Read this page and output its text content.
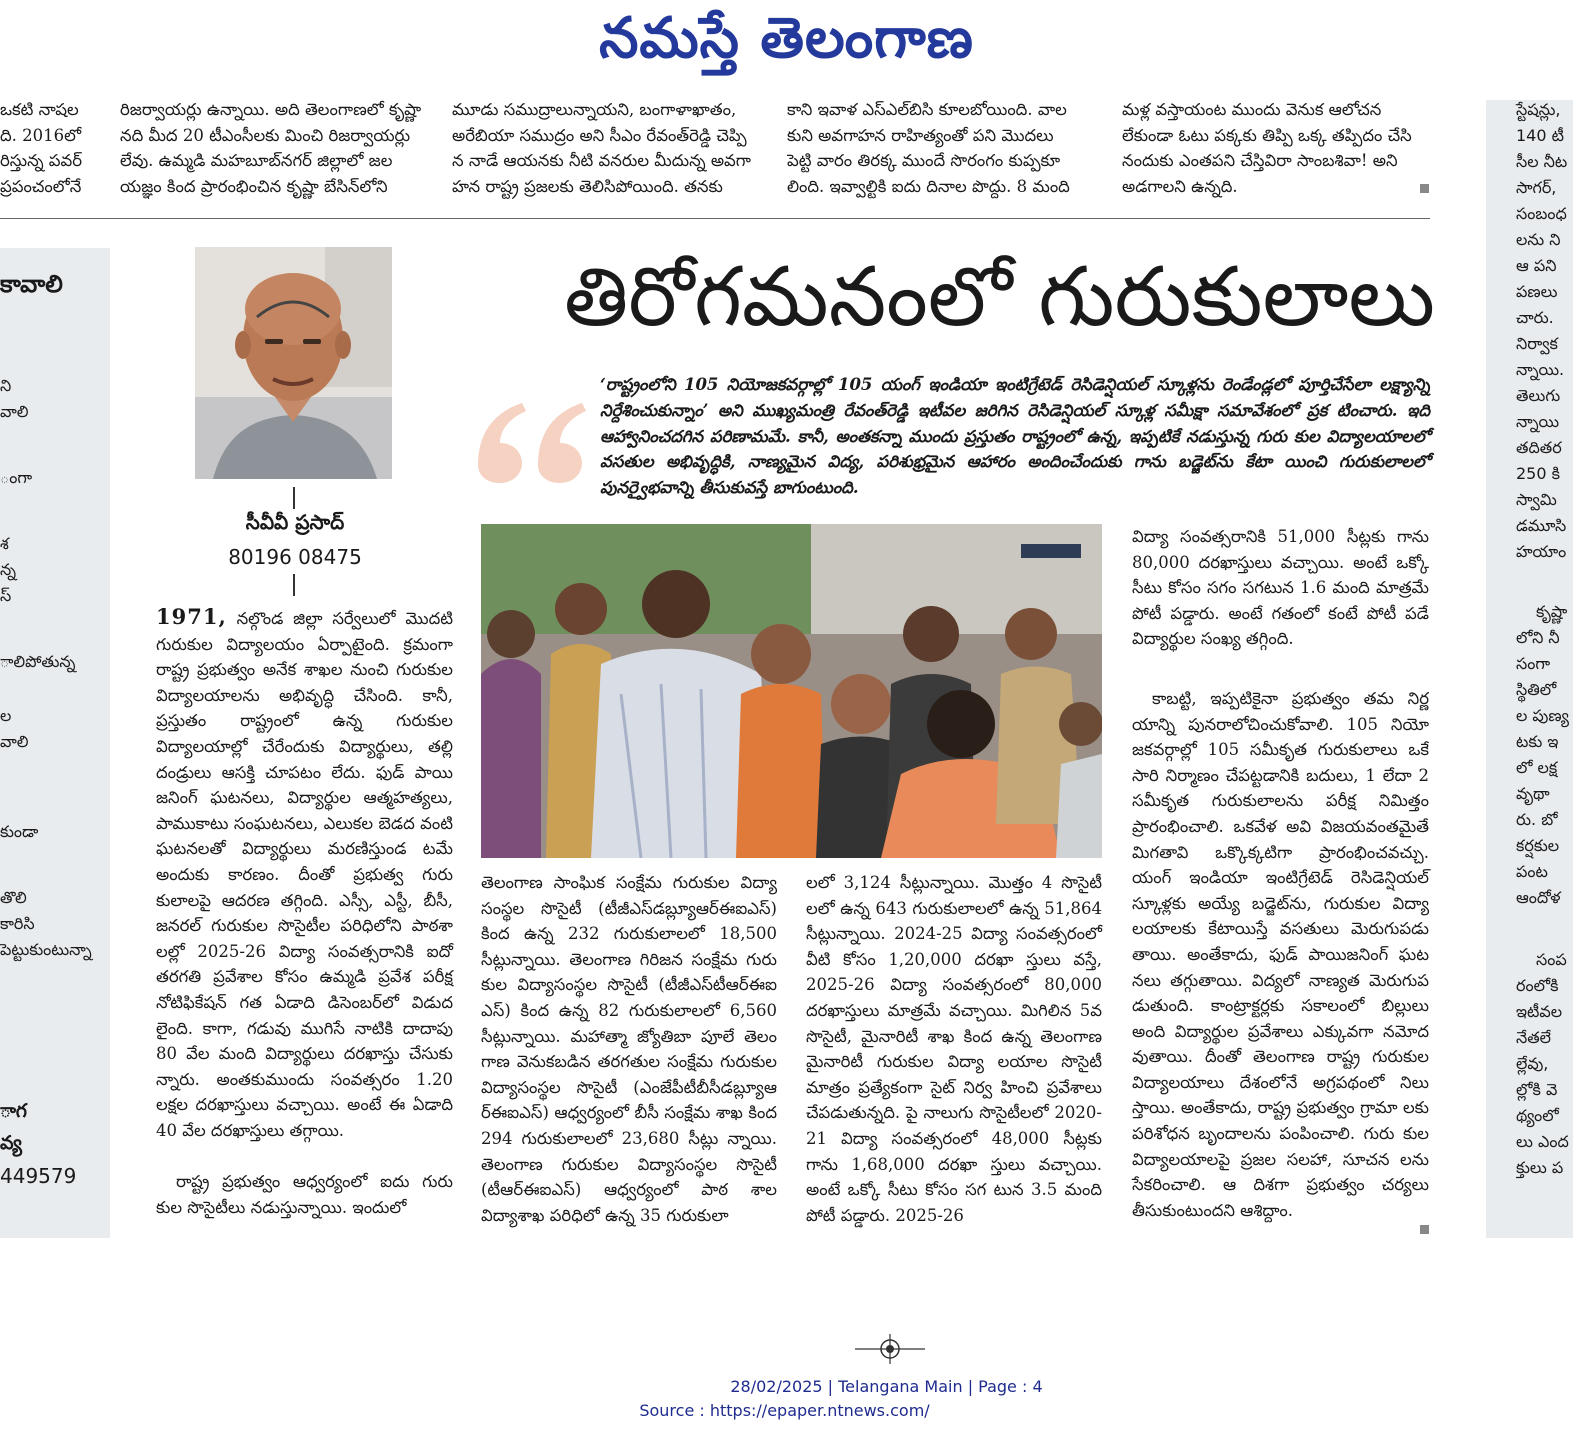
నమస్తే తెలంగాణ

ఒకటి నాషల

ది. 2016లో

రిస్తున్న పవర్

ప్రపంచంలోనే

రిజర్వాయర్లు ఉన్నాయి. అది తెలంగాణలో కృష్ణా

నది మీద 20 టీఎంసీలకు మించి రిజర్వాయర్లు

లేవు. ఉమ్మడి మహబూబ్‌నగర్ జిల్లాలో జల

యజ్ఞం కింద ప్రారంభించిన కృష్ణా బేసిన్‌లోని

మూడు సముద్రాలున్నాయని, బంగాళాఖాతం,

అరేబియా సముద్రం అని సీఎం రేవంత్‌రెడ్డి చెప్పి

న నాడే ఆయనకు నీటి వనరుల మీదున్న అవగా

హన రాష్ట్ర ప్రజలకు తెలిసిపోయింది. తనకు

కాని ఇవాళ ఎస్ఎల్‌బిసి కూలబోయింది. వాల

కుని అవగాహన రాహిత్యంతో పని మొదలు

పెట్టి వారం తిరక్క ముందే సొరంగం కుప్పకూ

లింది. ఇవ్వాల్టికి ఐదు దినాల పొద్దు. 8 మంది

మళ్ల వస్తాయంట ముందు వెనుక ఆలోచన

లేకుండా ఓటు పక్కకు తిప్పి ఒక్క తప్పిదం చేసి

నందుకు ఎంతపని చేస్తివిరా సాంబశివా! అని

అడగాలని ఉన్నది.

కావాలి
ని
వాలి
ంగా
శ
న్న
స్
ాలిపోతున్న
ల
వాలి
కుండా
తొలి
కారిసి
పెట్టుకుంటున్నా
ాగ
వ్య
449579
స్టేషన్లు,
140 టీ
సీల నీట
సాగర్,
సంబంధ
లను ని
ఆ పని
పణలు
చారు.
నిర్వాక
న్నాయి.
తెలుగు
న్నాయి
తదితర
250 కి
స్వామి
డమూసి
హయాం
కృష్ణా
లోని నీ
సంగా
స్థితిలో
ల పుణ్య
టకు ఇ
లో లక్ష
వృథా
రు. బో
కర్షకుల
పంట
ఆందోళ
సంప
రంలోకి
ఇటీవల
నేతలే
ల్లేవు,
ల్లోకి వె
థ్యంలో
లు ఎంద
క్తులు ప
సీవీవీ ప్రసాద్
80196 08475
తిరోగమనంలో గురుకులాలు
‘రాష్ట్రంలోని 105 నియోజకవర్గాల్లో 105 యంగ్ ఇండియా ఇంటిగ్రేటెడ్ రెసిడెన్షియల్ స్కూళ్లను రెండేండ్లలో పూర్తిచేసేలా లక్ష్యాన్ని నిర్దేశించుకున్నాం’ అని ముఖ్యమంత్రి రేవంత్‌రెడ్డి ఇటీవల జరిగిన రెసిడెన్షియల్ స్కూళ్ల సమీక్షా సమావేశంలో ప్రక టించారు. ఇది ఆహ్వానించదగిన పరిణామమే. కానీ, అంతకన్నా ముందు ప్రస్తుతం రాష్ట్రంలో ఉన్న, ఇప్పటికే నడుస్తున్న గురు కుల విద్యాలయాలలో వసతుల అభివృద్ధికి, నాణ్యమైన విద్య, పరిశుభ్రమైన ఆహారం అందించేందుకు గాను బడ్జెట్‌ను కేటా యించి గురుకులాలలో పునర్వైభవాన్ని తీసుకువస్తే బాగుంటుంది.

1971, నల్గొండ జిల్లా సర్వేలులో మొదటి గురుకుల విద్యాలయం ఏర్పాటైంది. క్రమంగా రాష్ట్ర ప్రభుత్వం అనేక శాఖల నుంచి గురుకుల విద్యాలయాలను అభివృద్ధి చేసింది. కానీ, ప్రస్తుతం రాష్ట్రంలో ఉన్న గురుకుల విద్యాలయాల్లో చేరేందుకు విద్యార్థులు, తల్లి దండ్రులు ఆసక్తి చూపటం లేదు. ఫుడ్ పాయి జనింగ్ ఘటనలు, విద్యార్థుల ఆత్మహత్యలు, పాముకాటు సంఘటనలు, ఎలుకల బెడద వంటి ఘటనలతో విద్యార్థులు మరణిస్తుండ టమే అందుకు కారణం. దీంతో ప్రభుత్వ గురు కులాలపై ఆదరణ తగ్గింది. ఎస్సీ, ఎస్టీ, బీసీ, జనరల్ గురుకుల సొసైటీల పరిధిలోని పాఠశా లల్లో 2025-26 విద్యా సంవత్సరానికి ఐదో తరగతి ప్రవేశాల కోసం ఉమ్మడి ప్రవేశ పరీక్ష నోటిఫికేషన్ గత ఏడాది డిసెంబర్‌లో విడుద లైంది. కాగా, గడువు ముగిసే నాటికి దాదాపు 80 వేల మంది విద్యార్థులు దరఖాస్తు చేసుకు న్నారు. అంతకుముందు సంవత్సరం 1.20 లక్షల దరఖాస్తులు వచ్చాయి. అంటే ఈ ఏడాది 40 వేల దరఖాస్తులు తగ్గాయి.

రాష్ట్ర ప్రభుత్వం ఆధ్వర్యంలో ఐదు గురు కుల సొసైటీలు నడుస్తున్నాయి. ఇందులో

తెలంగాణ సాంఘిక సంక్షేమ గురుకుల విద్యా సంస్థల సొసైటీ (టీజీఎస్‌డబ్ల్యూఆర్ఈఐఎస్) కింద ఉన్న 232 గురుకులాలలో 18,500 సీట్లున్నాయి. తెలంగాణ గిరిజన సంక్షేమ గురు కుల విద్యాసంస్థల సొసైటీ (టీజీఎస్‌టీఆర్ఈఐ ఎస్) కింద ఉన్న 82 గురుకులాలలో 6,560 సీట్లున్నాయి. మహాత్మా జ్యోతిబా పూలే తెలం గాణ వెనుకబడిన తరగతుల సంక్షేమ గురుకుల విద్యాసంస్థల సొసైటీ (ఎంజేపీటీబీసీడబ్ల్యూఆ ర్ఈఐఎస్) ఆధ్వర్యంలో బీసీ సంక్షేమ శాఖ కింద 294 గురుకులాలలో 23,680 సీట్లు న్నాయి. తెలంగాణ గురుకుల విద్యాసంస్థల సొసైటీ (టీఆర్ఈఐఎస్) ఆధ్వర్యంలో పాఠ శాల విద్యాశాఖ పరిధిలో ఉన్న 35 గురుకులా

లలో 3,124 సీట్లున్నాయి. మొత్తం 4 సొసైటీ లలో ఉన్న 643 గురుకులాలలో ఉన్న 51,864 సీట్లున్నాయి. 2024-25 విద్యా సంవత్సరంలో వీటి కోసం 1,20,000 దరఖా స్తులు వస్తే, 2025-26 విద్యా సంవత్సరంలో 80,000 దరఖాస్తులు మాత్రమే వచ్చాయి. మిగిలిన 5వ సొసైటీ, మైనారిటీ శాఖ కింద ఉన్న తెలంగాణ మైనారిటీ గురుకుల విద్యా లయాల సొసైటీ మాత్రం ప్రత్యేకంగా సైట్ నిర్వ హించి ప్రవేశాలు చేపడుతున్నది. పై నాలుగు సొసైటీలలో 2020-21 విద్యా సంవత్సరంలో 48,000 సీట్లకు గాను 1,68,000 దరఖా స్తులు వచ్చాయి. అంటే ఒక్కో సీటు కోసం సగ టున 3.5 మంది పోటీ పడ్డారు. 2025-26

విద్యా సంవత్సరానికి 51,000 సీట్లకు గాను 80,000 దరఖాస్తులు వచ్చాయి. అంటే ఒక్కో సీటు కోసం సగం సగటున 1.6 మంది మాత్రమే పోటీ పడ్డారు. అంటే గతంలో కంటే పోటీ పడే విద్యార్థుల సంఖ్య తగ్గింది.

కాబట్టి, ఇప్పటికైనా ప్రభుత్వం తమ నిర్ణ యాన్ని పునరాలోచించుకోవాలి. 105 నియో జకవర్గాల్లో 105 సమీకృత గురుకులాలు ఒకే సారి నిర్మాణం చేపట్టడానికి బదులు, 1 లేదా 2 సమీకృత గురుకులాలను పరీక్ష నిమిత్తం ప్రారంభించాలి. ఒకవేళ అవి విజయవంతమైతే మిగతావి ఒక్కొక్కటిగా ప్రారంభించవచ్చు. యంగ్ ఇండియా ఇంటిగ్రేటెడ్ రెసిడెన్షియల్ స్కూళ్లకు అయ్యే బడ్జెట్‌ను, గురుకుల విద్యా లయాలకు కేటాయిస్తే వసతులు మెరుగుపడు తాయి. అంతేకాదు, ఫుడ్ పాయిజనింగ్ ఘట నలు తగ్గుతాయి. విద్యలో నాణ్యత మెరుగుప డుతుంది. కాంట్రాక్టర్లకు సకాలంలో బిల్లులు అంది విద్యార్థుల ప్రవేశాలు ఎక్కువగా నమోద వుతాయి. దీంతో తెలంగాణ రాష్ట్ర గురుకుల విద్యాలయాలు దేశంలోనే అగ్రపథంలో నిలు స్తాయి. అంతేకాదు, రాష్ట్ర ప్రభుత్వం గ్రామా లకు పరిశోధన బృందాలను పంపించాలి. గురు కుల విద్యాలయాలపై ప్రజల సలహా, సూచన లను సేకరించాలి. ఆ దిశగా ప్రభుత్వం చర్యలు తీసుకుంటుందని ఆశిద్దాం.

28/02/2025 | Telangana Main | Page : 4
Source : https://epaper.ntnews.com/
